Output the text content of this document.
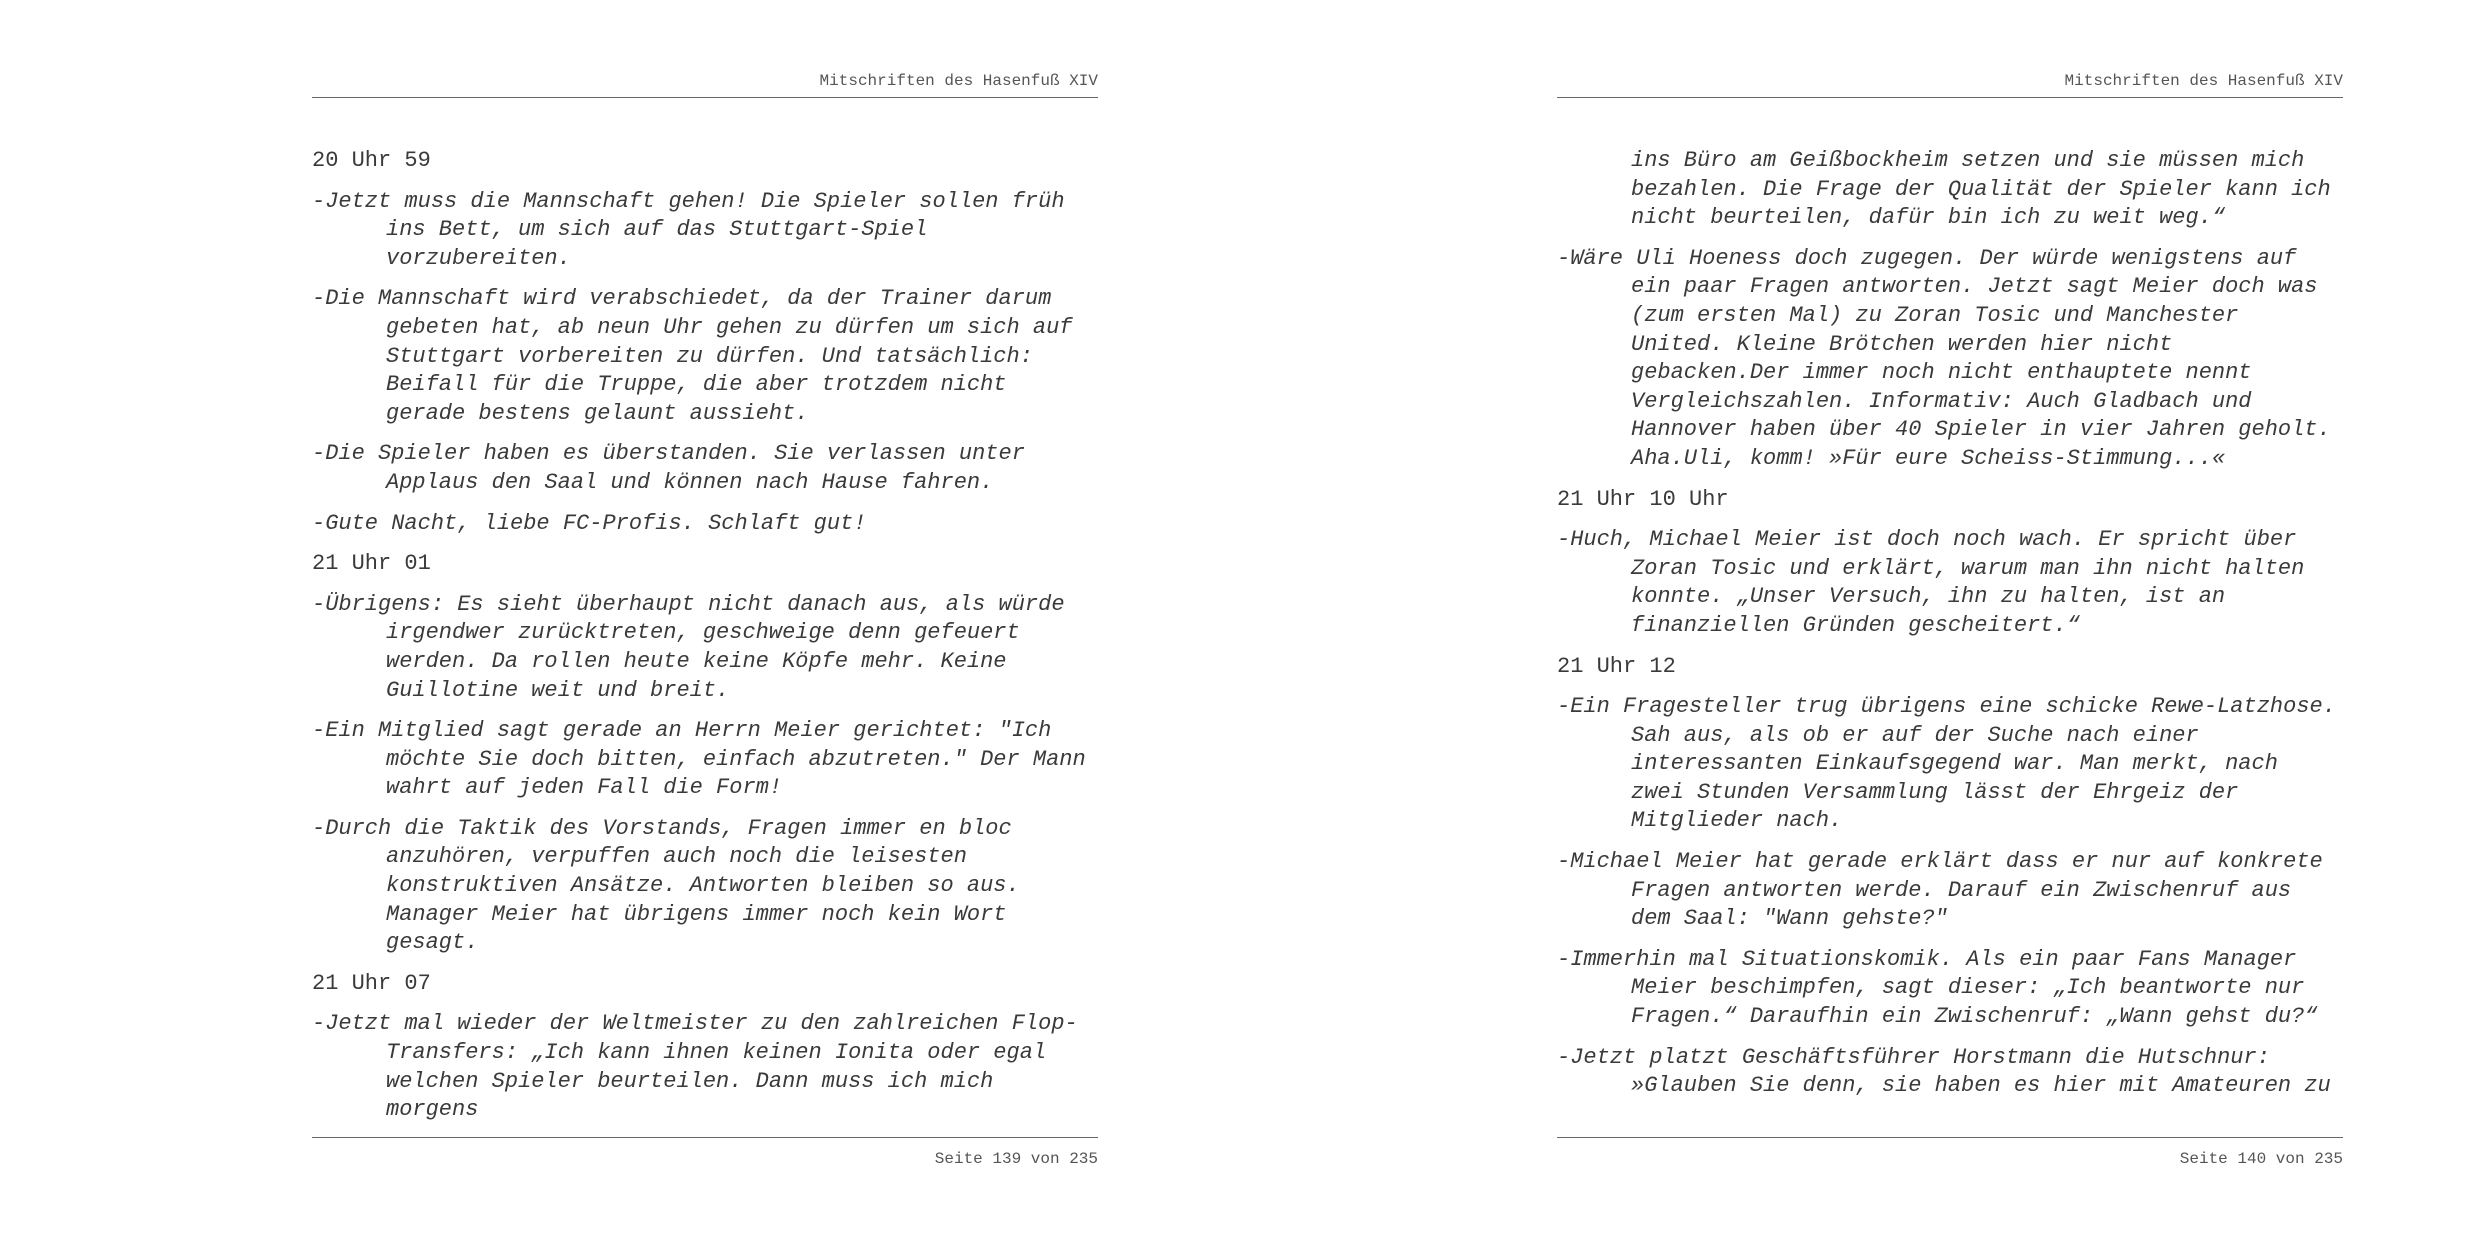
Mitschriften des Hasenfuß XIV

20 Uhr 59

-Jetzt muss die Mannschaft gehen! Die Spieler sollen früh ins Bett, um sich auf das Stuttgart-Spiel vorzubereiten.

-Die Mannschaft wird verabschiedet, da der Trainer darum gebeten hat, ab neun Uhr gehen zu dürfen um sich auf Stuttgart vorbereiten zu dürfen. Und tatsächlich: Beifall für die Truppe, die aber trotzdem nicht gerade bestens gelaunt aussieht.

-Die Spieler haben es überstanden. Sie verlassen unter Applaus den Saal und können nach Hause fahren.

-Gute Nacht, liebe FC-Profis. Schlaft gut!

21 Uhr 01

-Übrigens: Es sieht überhaupt nicht danach aus, als würde irgendwer zurücktreten, geschweige denn gefeuert werden. Da rollen heute keine Köpfe mehr. Keine Guillotine weit und breit.

-Ein Mitglied sagt gerade an Herrn Meier gerichtet: "Ich möchte Sie doch bitten, einfach abzutreten." Der Mann wahrt auf jeden Fall die Form!

-Durch die Taktik des Vorstands, Fragen immer en bloc anzuhören, verpuffen auch noch die leisesten konstruktiven Ansätze. Antworten bleiben so aus. Manager Meier hat übrigens immer noch kein Wort gesagt.

21 Uhr 07

-Jetzt mal wieder der Weltmeister zu den zahlreichen Flop-Transfers: „Ich kann ihnen keinen Ionita oder egal welchen Spieler beurteilen. Dann muss ich mich morgens

Seite 139 von 235
Mitschriften des Hasenfuß XIV

ins Büro am Geißbockheim setzen und sie müssen mich bezahlen. Die Frage der Qualität der Spieler kann ich nicht beurteilen, dafür bin ich zu weit weg.“

-Wäre Uli Hoeness doch zugegen. Der würde wenigstens auf ein paar Fragen antworten. Jetzt sagt Meier doch was (zum ersten Mal) zu Zoran Tosic und Manchester United. Kleine Brötchen werden hier nicht gebacken.Der immer noch nicht enthauptete nennt Vergleichszahlen. Informativ: Auch Gladbach und Hannover haben über 40 Spieler in vier Jahren geholt. Aha.Uli, komm! »Für eure Scheiss-Stimmung...«

21 Uhr 10 Uhr

-Huch, Michael Meier ist doch noch wach. Er spricht über Zoran Tosic und erklärt, warum man ihn nicht halten konnte. „Unser Versuch, ihn zu halten, ist an finanziellen Gründen gescheitert.“

21 Uhr 12

-Ein Fragesteller trug übrigens eine schicke Rewe-Latzhose. Sah aus, als ob er auf der Suche nach einer interessanten Einkaufsgegend war. Man merkt, nach zwei Stunden Versammlung lässt der Ehrgeiz der Mitglieder nach.

-Michael Meier hat gerade erklärt dass er nur auf konkrete Fragen antworten werde. Darauf ein Zwischenruf aus dem Saal: "Wann gehste?"

-Immerhin mal Situationskomik. Als ein paar Fans Manager Meier beschimpfen, sagt dieser: „Ich beantworte nur Fragen.“ Daraufhin ein Zwischenruf: „Wann gehst du?“

-Jetzt platzt Geschäftsführer Horstmann die Hutschnur: »Glauben Sie denn, sie haben es hier mit Amateuren zu

Seite 140 von 235
